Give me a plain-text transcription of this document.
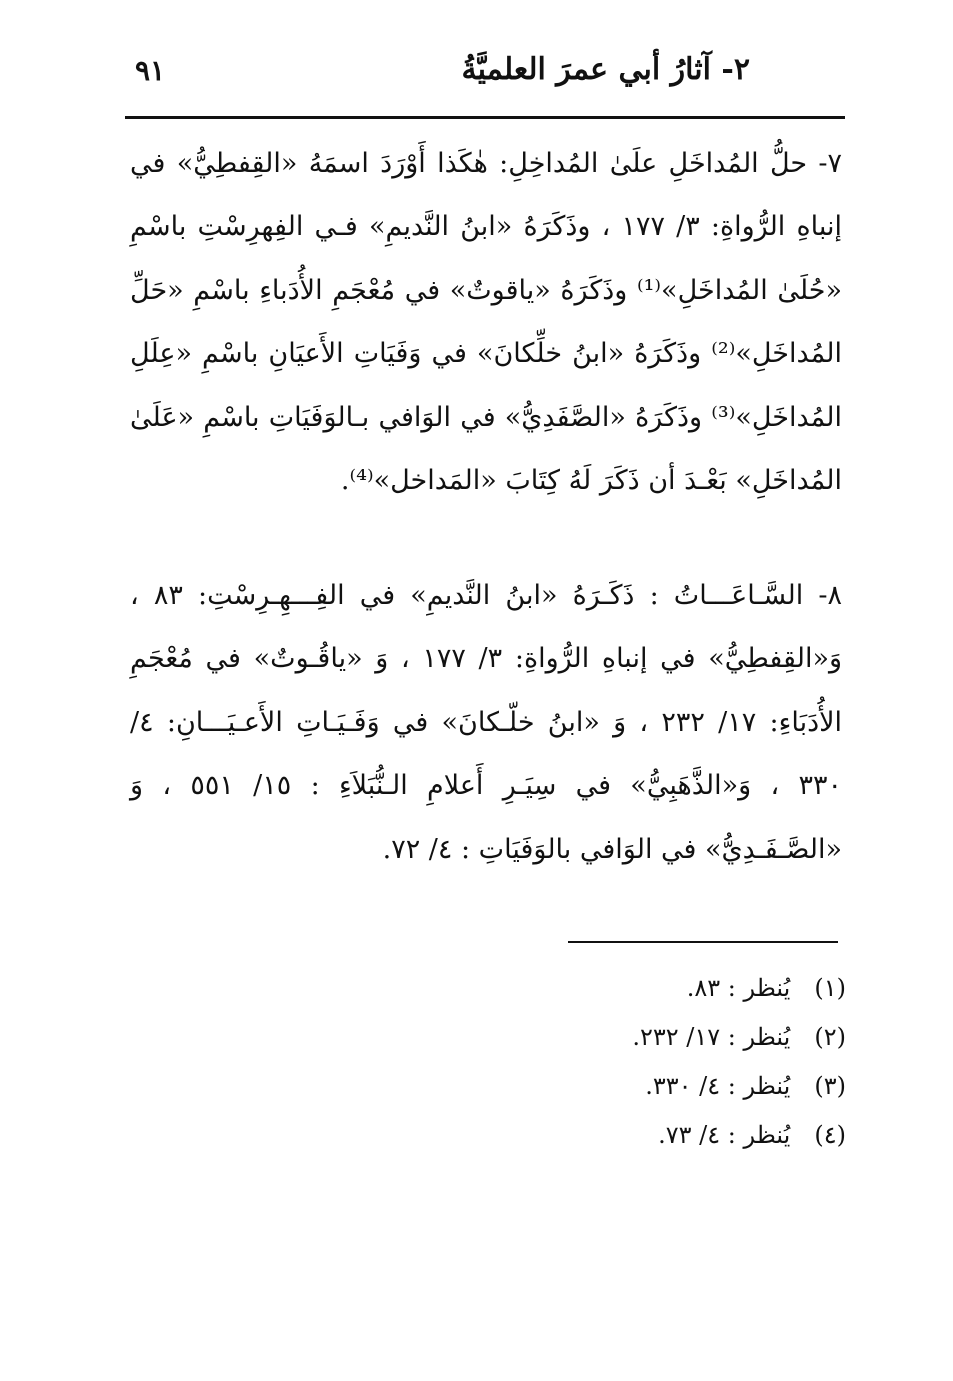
٢- آثارُ أبي عمرَ العلميَّةُ
٩١

٧- حلُّ المُداخَلِ علَىٰ المُداخِلِ: هٰكَذا أَوْرَدَ اسمَهُ «القِفطِيُّ» في إنباهِ الرُّواةِ: ٣/ ١٧٧ ، وذَكَرَهُ «ابنُ النَّديمِ» فـي الفِهرِسْتِ باسْمِ «حُلَىٰ المُداخَلِ»⁽¹⁾ وذَكَرَهُ «ياقوتٌ» في مُعْجَمِ الأُدَباءِ باسْمِ «حَلِّ المُداخَلِ»⁽²⁾ وذَكَرَهُ «ابنُ خلِّكانَ» في وَفَيَاتِ الأَعيَانِ باسْمِ «عِلَلِ المُداخَلِ»⁽³⁾ وذَكَرَهُ «الصَّفَدِيُّ» في الوَافي بـالوَفَيَاتِ باسْمِ «عَلَىٰ المُداخَلِ» بَعْـدَ أن ذَكَرَ لَهُ كِتَابَ «المَداخل»⁽⁴⁾.

٨- السَّـاعَـــاتُ : ذَكَـرَهُ «ابنُ النَّديمِ» في الفِـــهِـرِسْتِ: ٨٣ ، وَ«القِفطِيُّ» في إنباهِ الرُّواةِ: ٣/ ١٧٧ ، وَ «ياقُـوتٌ» في مُعْجَمِ الأُدَبَاءِ: ١٧/ ٢٣٢ ، وَ «ابنُ خلّـكانَ» في وَفَـيَـاتِ الأَعـيَـــانِ: ٤/ ٣٣٠ ، وَ«الذَّهَبِيُّ» في سِيَـرِ أَعلامِ الـنُّبَلاَءِ : ١٥/ ٥٥١ ، وَ «الصَّـفَـدِيُّ» في الوَافي بالوَفَيَاتِ : ٤/ ٧٢.

(١) يُنظر : ٨٣.
(٢) يُنظر : ١٧/ ٢٣٢.
(٣) يُنظر : ٤/ ٣٣٠.
(٤) يُنظر : ٤/ ٧٣.
